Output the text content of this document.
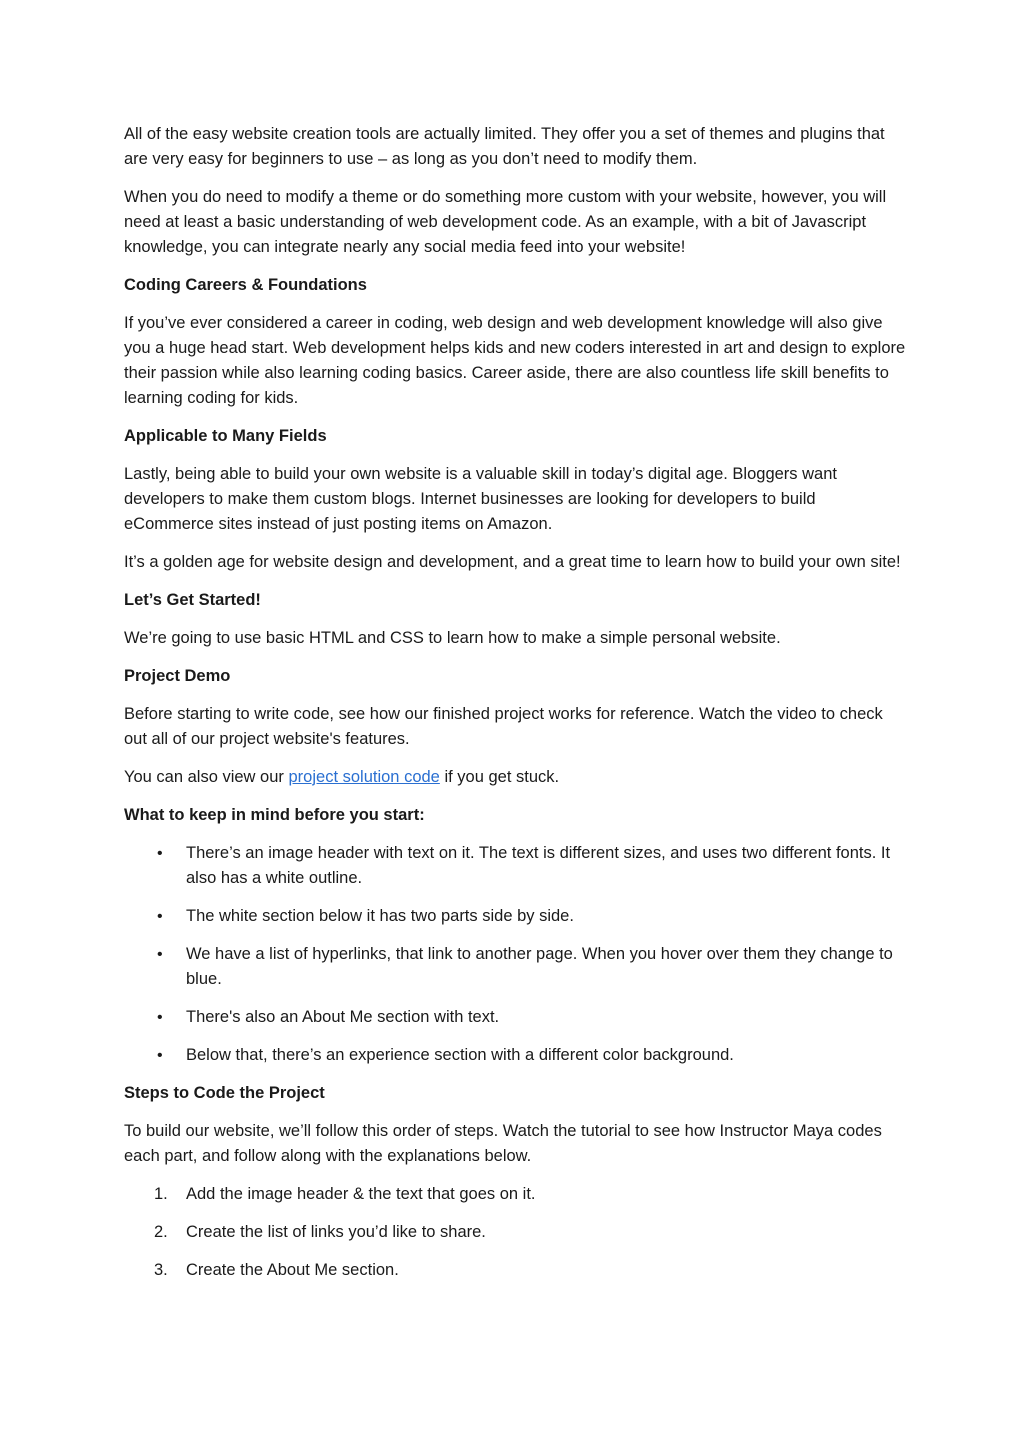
All of the easy website creation tools are actually limited. They offer you a set of themes and plugins that are very easy for beginners to use – as long as you don’t need to modify them.

When you do need to modify a theme or do something more custom with your website, however, you will need at least a basic understanding of web development code. As an example, with a bit of Javascript knowledge, you can integrate nearly any social media feed into your website!

Coding Careers & Foundations

If you’ve ever considered a career in coding, web design and web development knowledge will also give you a huge head start. Web development helps kids and new coders interested in art and design to explore their passion while also learning coding basics. Career aside, there are also countless life skill benefits to learning coding for kids.

Applicable to Many Fields

Lastly, being able to build your own website is a valuable skill in today’s digital age. Bloggers want developers to make them custom blogs. Internet businesses are looking for developers to build eCommerce sites instead of just posting items on Amazon.

It’s a golden age for website design and development, and a great time to learn how to build your own site!

Let’s Get Started!

We’re going to use basic HTML and CSS to learn how to make a simple personal website.

Project Demo

Before starting to write code, see how our finished project works for reference. Watch the video to check out all of our project website's features.

You can also view our project solution code if you get stuck.

What to keep in mind before you start:
• There’s an image header with text on it. The text is different sizes, and uses two different fonts. It also has a white outline.
• The white section below it has two parts side by side.
• We have a list of hyperlinks, that link to another page. When you hover over them they change to blue.
• There's also an About Me section with text.
• Below that, there’s an experience section with a different color background.
Steps to Code the Project

To build our website, we’ll follow this order of steps. Watch the tutorial to see how Instructor Maya codes each part, and follow along with the explanations below.

1. Add the image header & the text that goes on it.
2. Create the list of links you’d like to share.
3. Create the About Me section.
